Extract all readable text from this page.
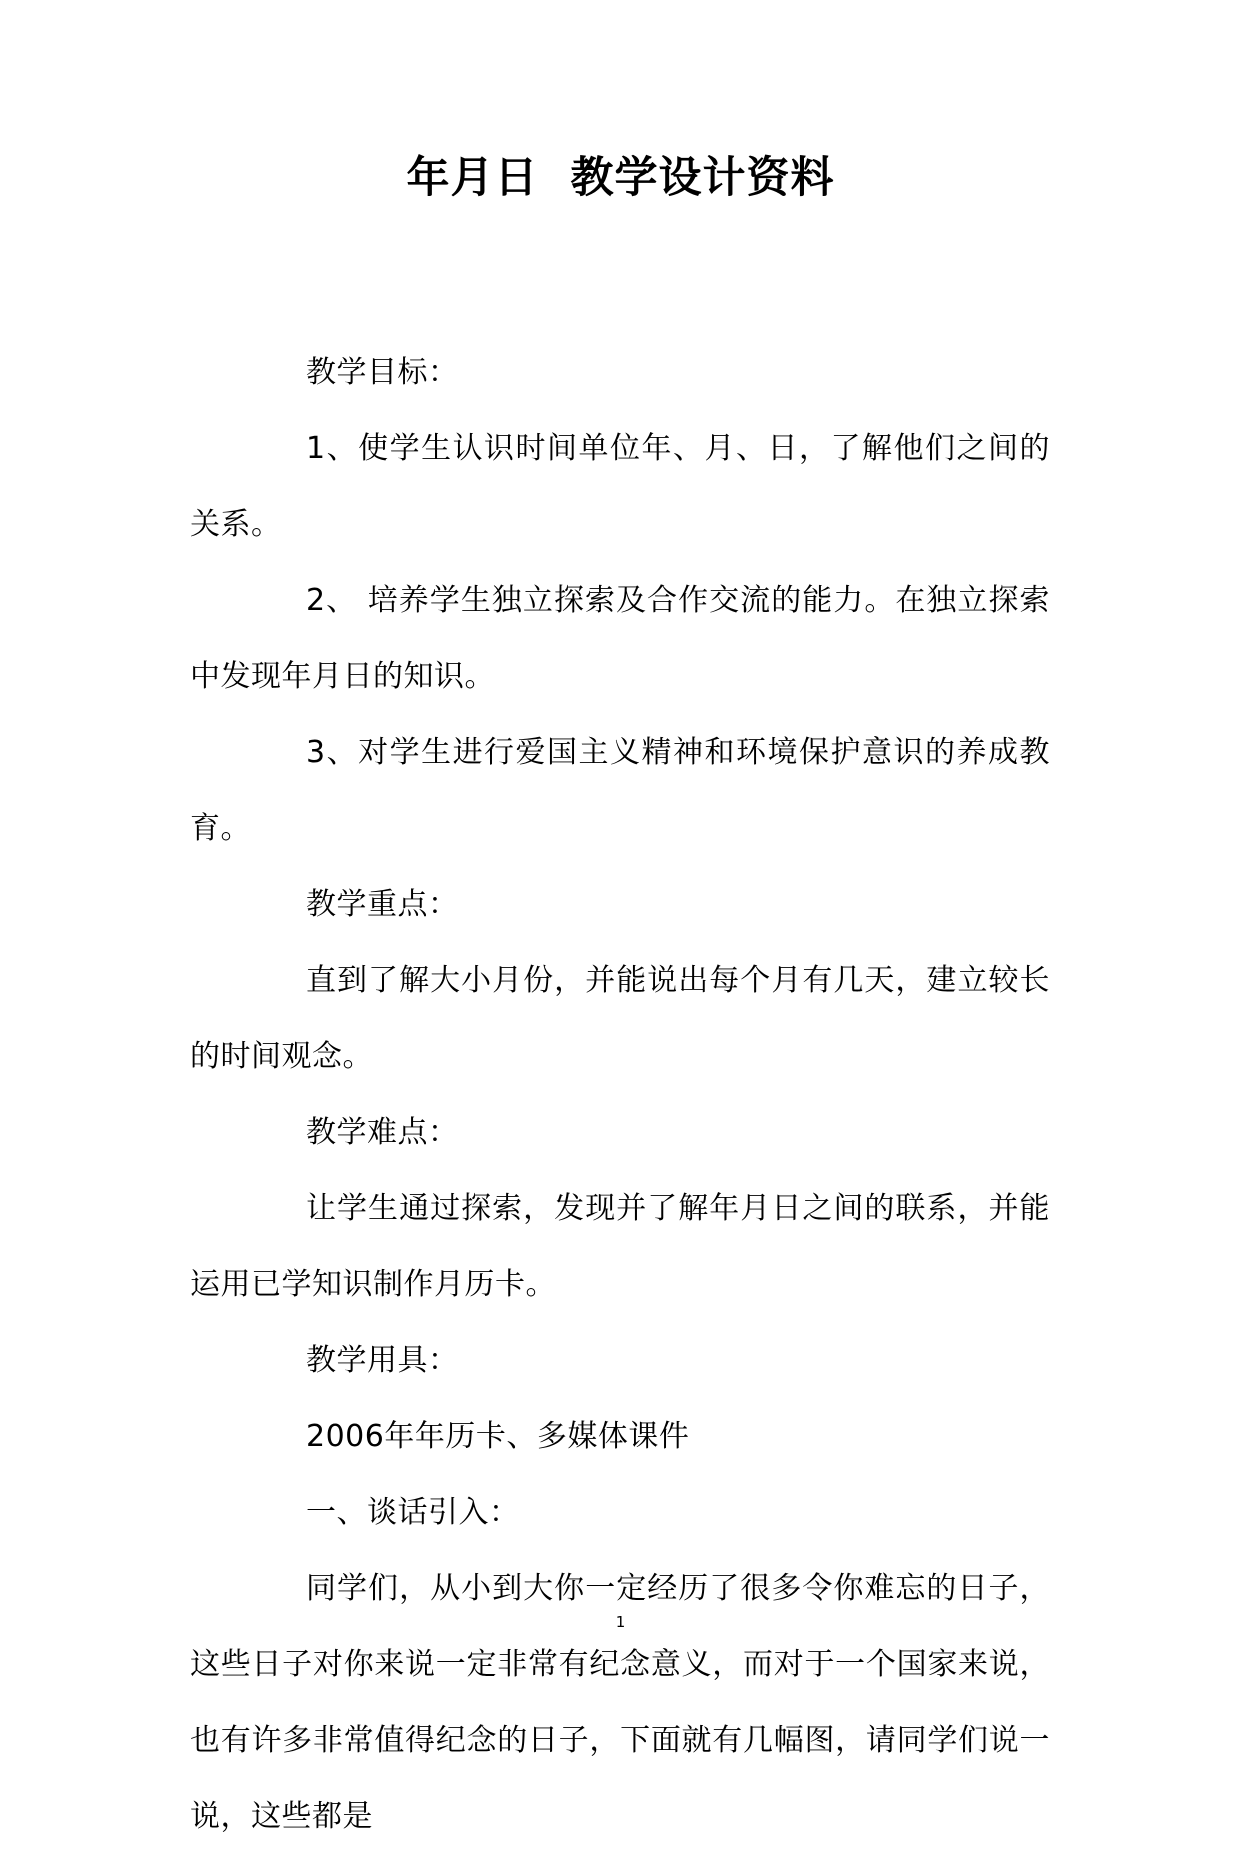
年月日  教学设计资料

教学目标：

1、使学生认识时间单位年、月、日，了解他们之间的关系。

2、 培养学生独立探索及合作交流的能力。在独立探索中发现年月日的知识。

3、对学生进行爱国主义精神和环境保护意识的养成教育。

教学重点：

直到了解大小月份，并能说出每个月有几天，建立较长的时间观念。

教学难点：

让学生通过探索，发现并了解年月日之间的联系，并能运用已学知识制作月历卡。

教学用具：

2006年年历卡、多媒体课件

一、谈话引入：

同学们，从小到大你一定经历了很多令你难忘的日子，这些日子对你来说一定非常有纪念意义，而对于一个国家来说，也有许多非常值得纪念的日子，下面就有几幅图，请同学们说一说，这些都是

1
